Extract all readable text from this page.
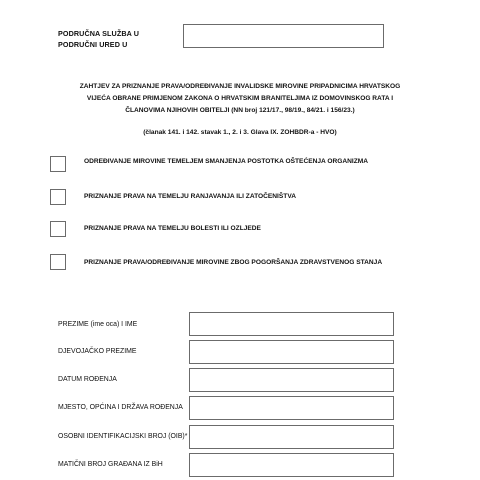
PODRUČNA SLUŽBA U
PODRUČNI URED U
ZAHTJEV ZA PRIZNANJE PRAVA/ODREĐIVANJE INVALIDSKE MIROVINE PRIPADNICIMA HRVATSKOG
VIJEĆA OBRANE PRIMJENOM ZAKONA O HRVATSKIM BRANITELJIMA IZ DOMOVINSKOG RATA I
ČLANOVIMA NJIHOVIH OBITELJI (NN broj 121/17., 98/19., 84/21. i 156/23.)
(članak 141. i 142. stavak 1., 2. i 3. Glava IX. ZOHBDR-a - HVO)
ODREĐIVANJE MIROVINE TEMELJEM SMANJENJA POSTOTKA OŠTEĆENJA ORGANIZMA
PRIZNANJE PRAVA NA TEMELJU RANJAVANJA ILI ZATOČENIŠTVA
PRIZNANJE PRAVA NA TEMELJU BOLESTI ILI OZLJEDE
PRIZNANJE PRAVA/ODREĐIVANJE MIROVINE ZBOG POGORŠANJA ZDRAVSTVENOG STANJA
PREZIME (ime oca) I IME
DJEVOJAČKO PREZIME
DATUM ROĐENJA
MJESTO, OPĆINA I DRŽAVA ROĐENJA
OSOBNI IDENTIFIKACIJSKI BROJ (OIB)*
MATIČNI BROJ GRAĐANA IZ BiH
